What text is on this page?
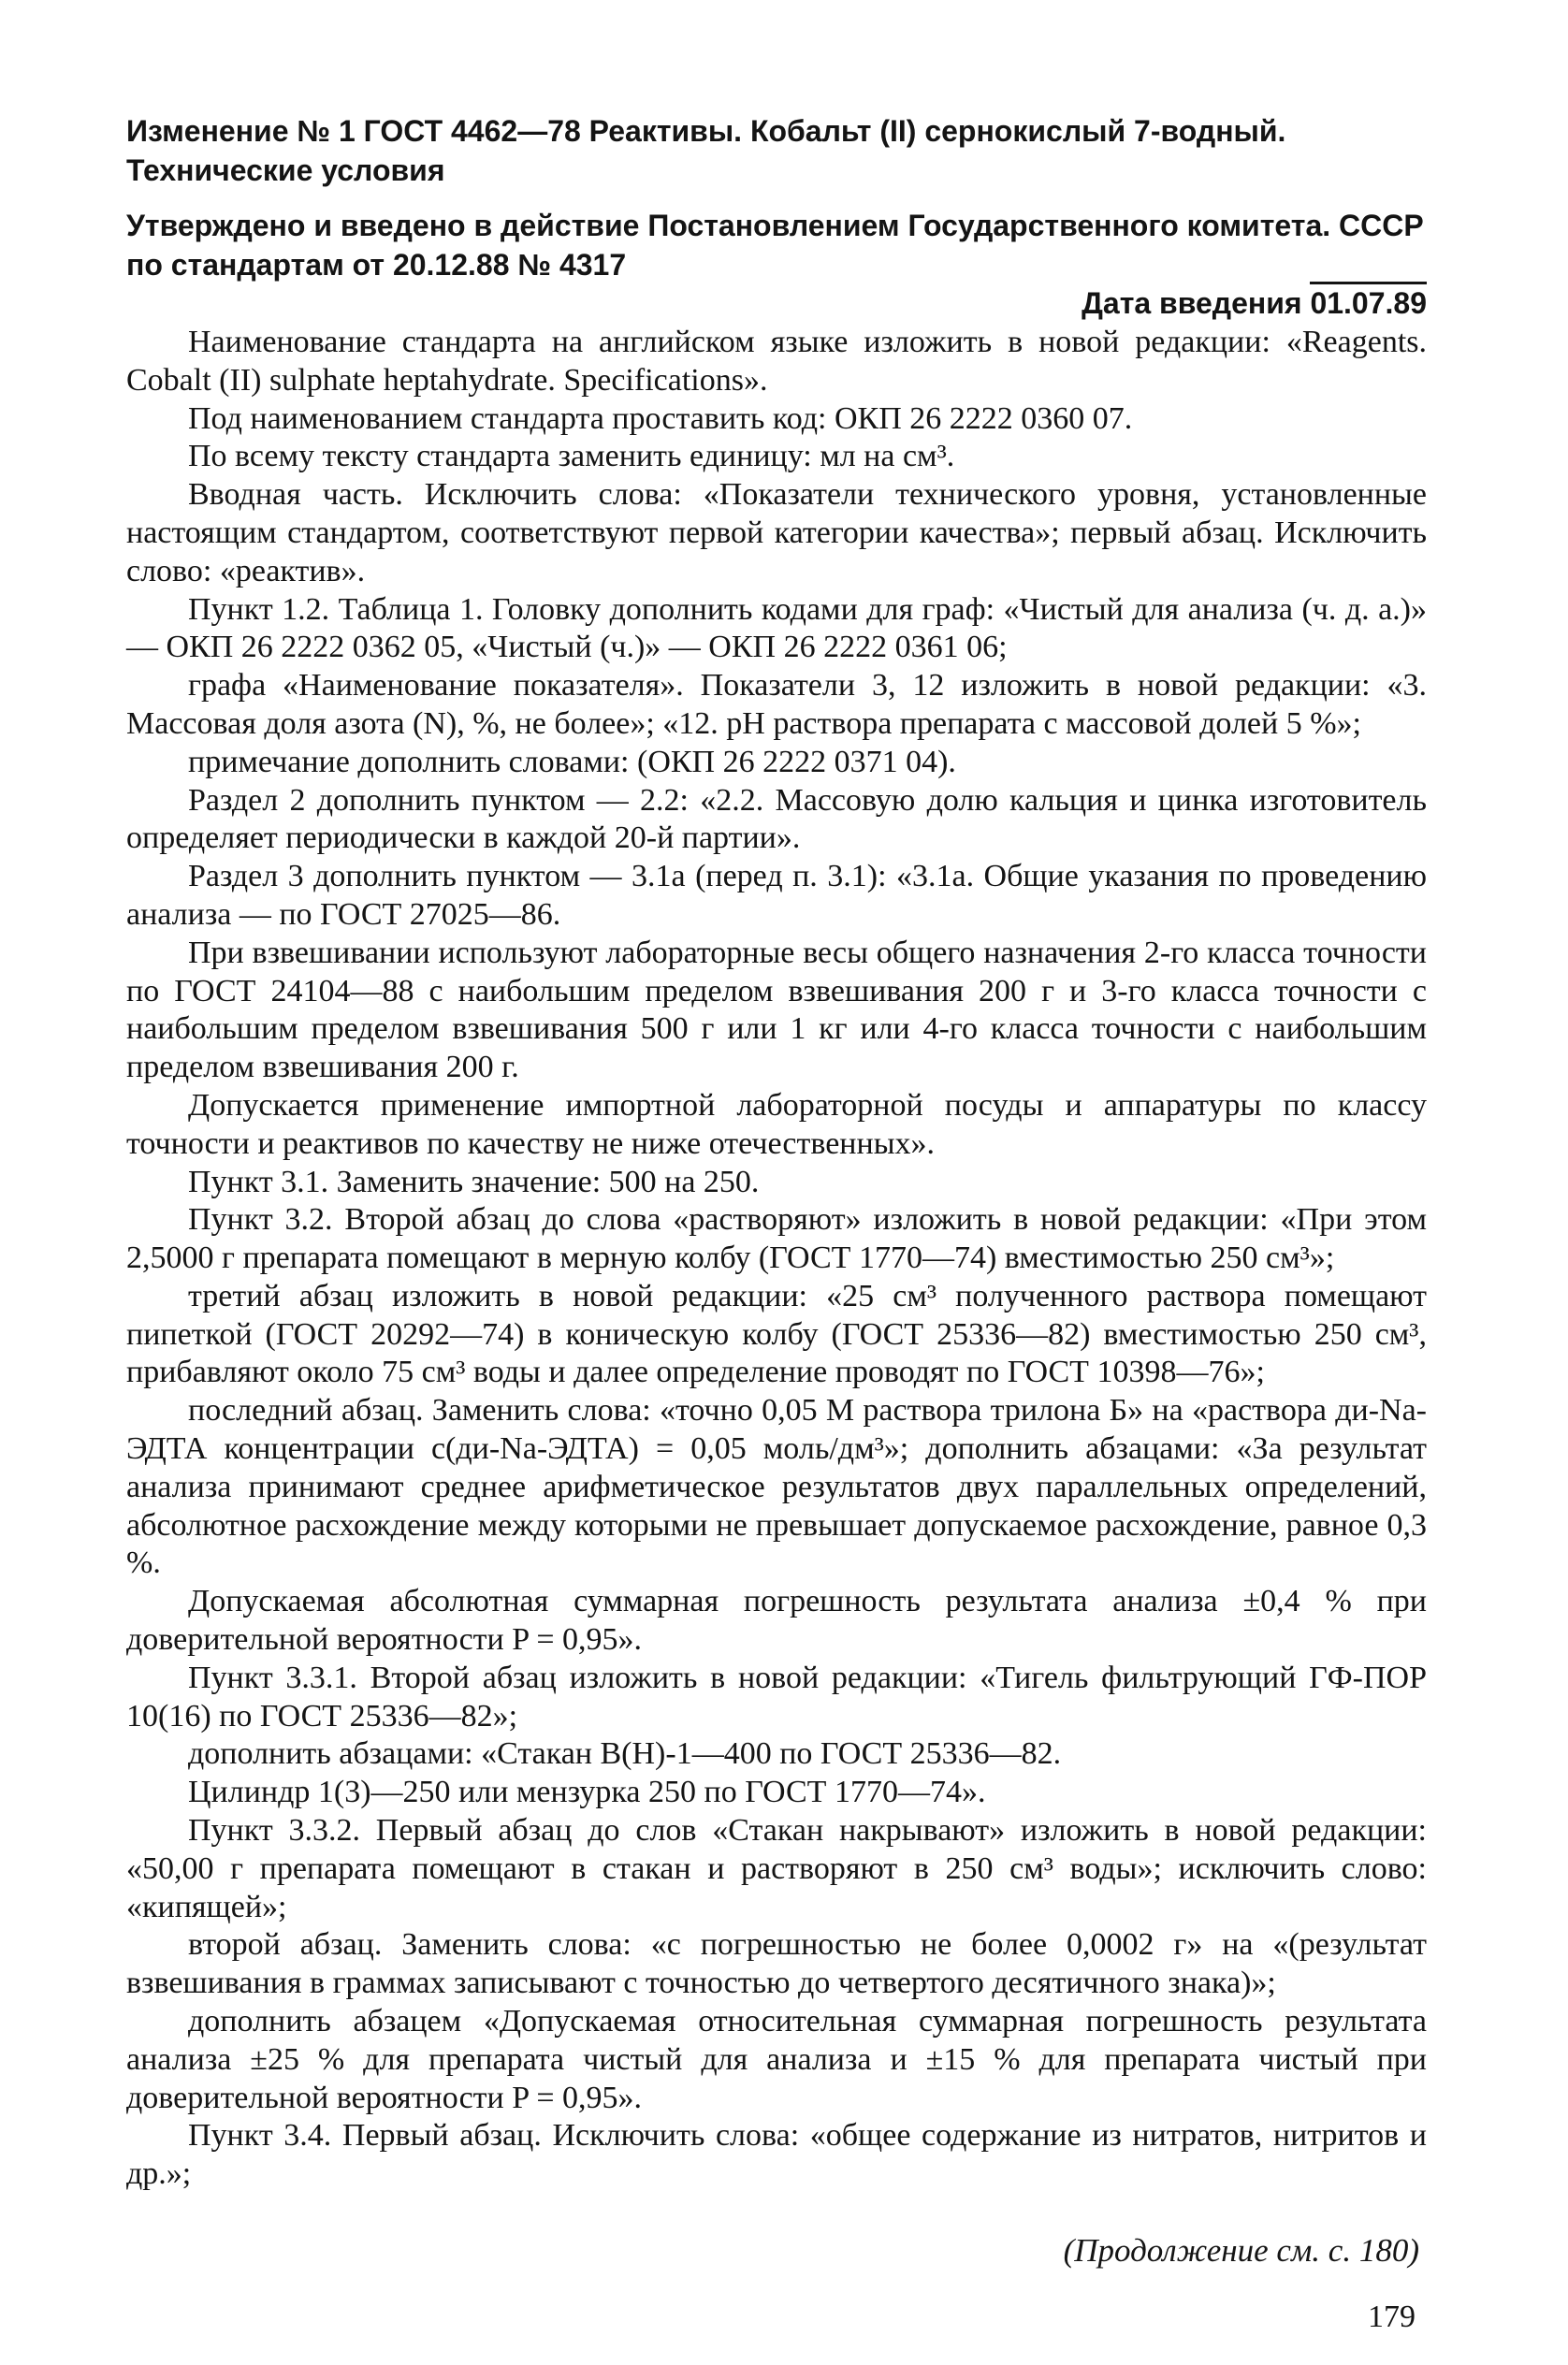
Изменение № 1 ГОСТ 4462—78 Реактивы. Кобальт (II) сернокислый 7-водный. Технические условия

Утверждено и введено в действие Постановлением Государственного комитета. СССР по стандартам от 20.12.88 № 4317

Дата введения 01.07.89

Наименование стандарта на английском языке изложить в новой редакции: «Reagents. Cobalt (II) sulphate heptahydrate. Specifications».

Под наименованием стандарта проставить код: ОКП 26 2222 0360 07.

По всему тексту стандарта заменить единицу: мл на см³.

Вводная часть. Исключить слова: «Показатели технического уровня, установленные настоящим стандартом, соответствуют первой категории качества»; первый абзац. Исключить слово: «реактив».

Пункт 1.2. Таблица 1. Головку дополнить кодами для граф: «Чистый для анализа (ч. д. а.)» — ОКП 26 2222 0362 05, «Чистый (ч.)» — ОКП 26 2222 0361 06;

графа «Наименование показателя». Показатели 3, 12 изложить в новой редакции: «3. Массовая доля азота (N), %, не более»; «12. pH раствора препарата с массовой долей 5 %»;

примечание дополнить словами: (ОКП 26 2222 0371 04).

Раздел 2 дополнить пунктом — 2.2: «2.2. Массовую долю кальция и цинка изготовитель определяет периодически в каждой 20-й партии».

Раздел 3 дополнить пунктом — 3.1а (перед п. 3.1): «3.1а. Общие указания по проведению анализа — по ГОСТ 27025—86.

При взвешивании используют лабораторные весы общего назначения 2-го класса точности по ГОСТ 24104—88 с наибольшим пределом взвешивания 200 г и 3-го класса точности с наибольшим пределом взвешивания 500 г или 1 кг или 4-го класса точности с наибольшим пределом взвешивания 200 г.

Допускается применение импортной лабораторной посуды и аппаратуры по классу точности и реактивов по качеству не ниже отечественных».

Пункт 3.1. Заменить значение: 500 на 250.

Пункт 3.2. Второй абзац до слова «растворяют» изложить в новой редакции: «При этом 2,5000 г препарата помещают в мерную колбу (ГОСТ 1770—74) вместимостью 250 см³»;

третий абзац изложить в новой редакции: «25 см³ полученного раствора помещают пипеткой (ГОСТ 20292—74) в коническую колбу (ГОСТ 25336—82) вместимостью 250 см³, прибавляют около 75 см³ воды и далее определение проводят по ГОСТ 10398—76»;

последний абзац. Заменить слова: «точно 0,05 М раствора трилона Б» на «раствора ди-Na-ЭДТА концентрации c(ди-Na-ЭДТА) = 0,05 моль/дм³»; дополнить абзацами: «За результат анализа принимают среднее арифметическое результатов двух параллельных определений, абсолютное расхождение между которыми не превышает допускаемое расхождение, равное 0,3 %.

Допускаемая абсолютная суммарная погрешность результата анализа ±0,4 % при доверительной вероятности P = 0,95».

Пункт 3.3.1. Второй абзац изложить в новой редакции: «Тигель фильтрующий ГФ-ПОР 10(16) по ГОСТ 25336—82»;

дополнить абзацами: «Стакан В(Н)-1—400 по ГОСТ 25336—82.

Цилиндр 1(3)—250 или мензурка 250 по ГОСТ 1770—74».

Пункт 3.3.2. Первый абзац до слов «Стакан накрывают» изложить в новой редакции: «50,00 г препарата помещают в стакан и растворяют в 250 см³ воды»; исключить слово: «кипящей»;

второй абзац. Заменить слова: «с погрешностью не более 0,0002 г» на «(результат взвешивания в граммах записывают с точностью до четвертого десятичного знака)»;

дополнить абзацем «Допускаемая относительная суммарная погрешность результата анализа ±25 % для препарата чистый для анализа и ±15 % для препарата чистый при доверительной вероятности P = 0,95».

Пункт 3.4. Первый абзац. Исключить слова: «общее содержание из нитратов, нитритов и др.»;

(Продолжение см. с. 180)
179
